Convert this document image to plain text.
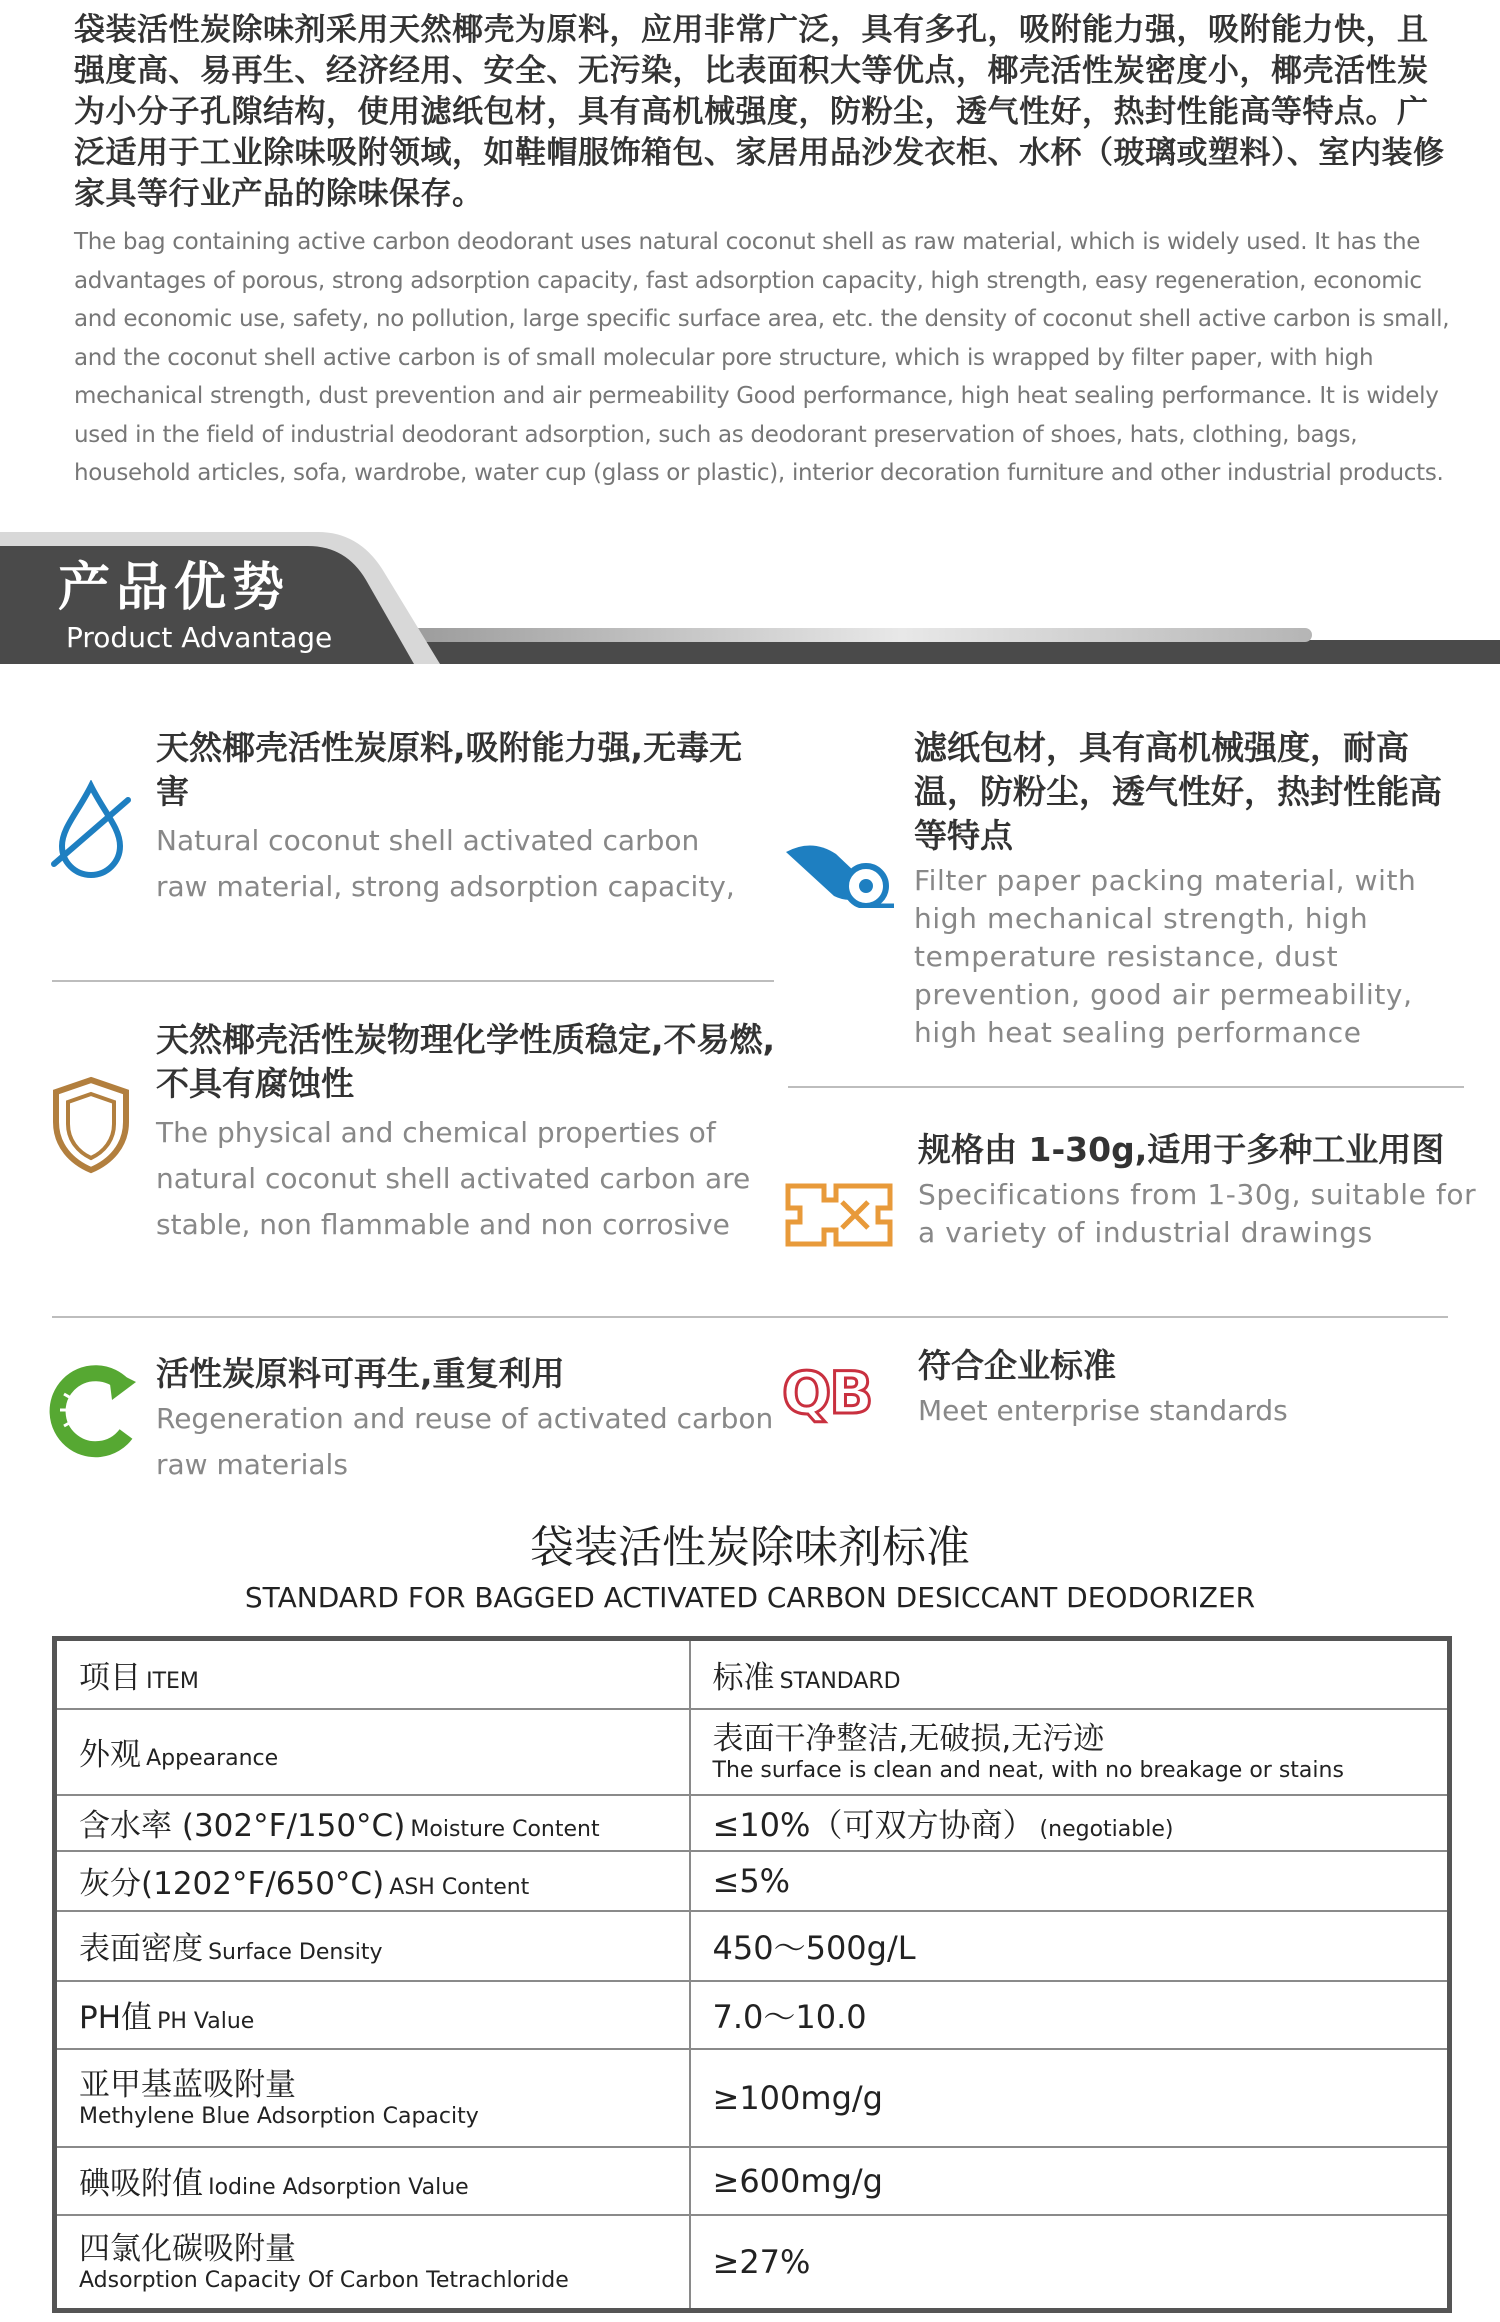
袋装活性炭除味剂采用天然椰壳为原料，应用非常广泛，具有多孔，吸附能力强，吸附能力快，且强度高、易再生、经济经用、安全、无污染，比表面积大等优点，椰壳活性炭密度小，椰壳活性炭为小分子孔隙结构，使用滤纸包材，具有高机械强度，防粉尘，透气性好，热封性能高等特点。广泛适用于工业除味吸附领域，如鞋帽服饰箱包、家居用品沙发衣柜、水杯（玻璃或塑料）、室内装修家具等行业产品的除味保存。

The bag containing active carbon deodorant uses natural coconut shell as raw material, which is widely used. It has the advantages of porous, strong adsorption capacity, fast adsorption capacity, high strength, easy regeneration, economic and economic use, safety, no pollution, large specific surface area, etc. the density of coconut shell active carbon is small, and the coconut shell active carbon is of small molecular pore structure, which is wrapped by filter paper, with high mechanical strength, dust prevention and air permeability Good performance, high heat sealing performance. It is widely used in the field of industrial deodorant adsorption, such as deodorant preservation of shoes, hats, clothing, bags, household articles, sofa, wardrobe, water cup (glass or plastic), interior decoration furniture and other industrial products.

产品优势

Product Advantage

天然椰壳活性炭原料,吸附能力强,无毒无害

Natural coconut shell activated carbon raw material, strong adsorption capacity,

滤纸包材，具有高机械强度，耐高温，防粉尘，透气性好，热封性能高等特点

Filter paper packing material, with high mechanical strength, high temperature resistance, dust prevention, good air permeability, high heat sealing performance

天然椰壳活性炭物理化学性质稳定,不易燃,不具有腐蚀性

The physical and chemical properties of natural coconut shell activated carbon are stable, non flammable and non corrosive

规格由 1-30g,适用于多种工业用图

Specifications from 1-30g, suitable for a variety of industrial drawings

活性炭原料可再生,重复利用

Regeneration and reuse of activated carbon raw materials

QB	符合企业标准

Meet enterprise standards

袋装活性炭除味剂标准

STANDARD FOR BAGGED ACTIVATED CARBON DESICCANT DEODORIZER

项目 ITEM	标准 STANDARD
外观 Appearance	表面干净整洁,无破损,无污迹
The surface is clean and neat, with no breakage or stains

含水率 (302°F/150°C) Moisture Content	≤10%（可双方协商） (negotiable)
灰分(1202°F/650°C) ASH Content	≤5%
表面密度 Surface Density	450～500g/L
PH值 PH Value	7.0～10.0

亚甲基蓝吸附量
Methylene Blue Adsorption Capacity	≥100mg/g
碘吸附值 Iodine Adsorption Value	≥600mg/g

四氯化碳吸附量
Adsorption Capacity Of Carbon Tetrachloride	≥27%
